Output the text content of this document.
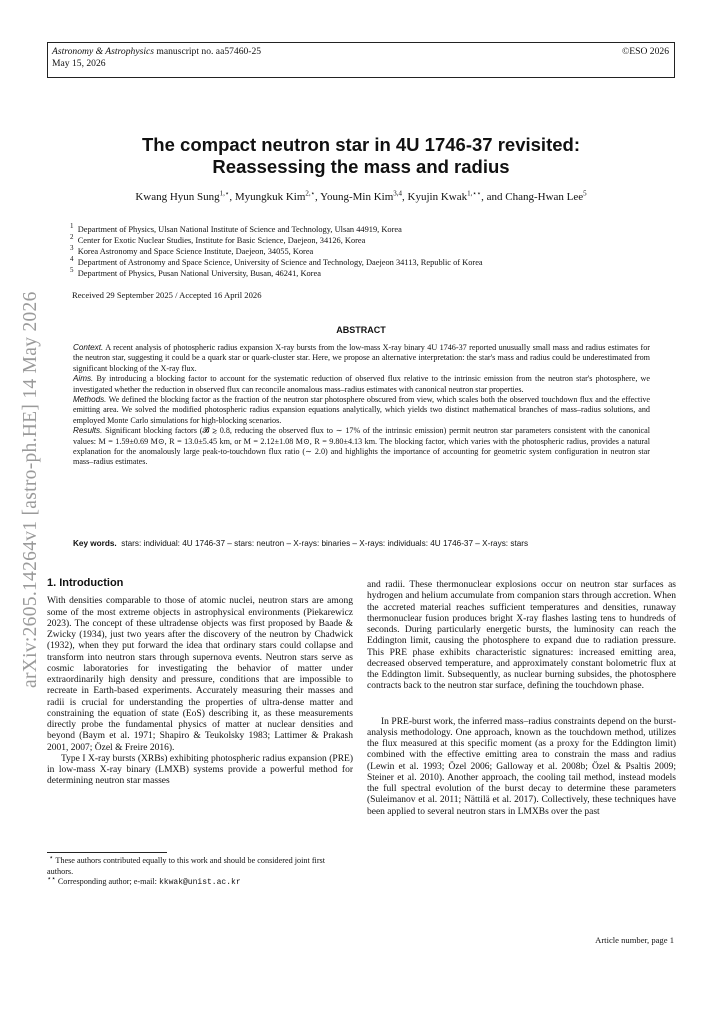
Astronomy & Astrophysics manuscript no. aa57460-25
May 15, 2026
©ESO 2026
The compact neutron star in 4U 1746-37 revisited:
Reassessing the mass and radius
Kwang Hyun Sung$^{1,⋆}$, Myungkuk Kim$^{2,⋆}$, Young-Min Kim$^{3,4}$, Kyujin Kwak$^{1,⋆⋆}$, and Chang-Hwan Lee$^5$
$^1$ Department of Physics, Ulsan National Institute of Science and Technology, Ulsan 44919, Korea
$^2$ Center for Exotic Nuclear Studies, Institute for Basic Science, Daejeon, 34126, Korea
$^3$ Korea Astronomy and Space Science Institute, Daejeon, 34055, Korea
$^4$ Department of Astronomy and Space Science, University of Science and Technology, Daejeon 34113, Republic of Korea
$^5$ Department of Physics, Pusan National University, Busan, 46241, Korea
Received 29 September 2025 / Accepted 16 April 2026
ABSTRACT

Context. A recent analysis of photospheric radius expansion X-ray bursts from the low-mass X-ray binary 4U 1746-37 reported unusually small mass and radius estimates for the neutron star, suggesting it could be a quark star or quark-cluster star. Here, we propose an alternative interpretation: the star's mass and radius could be underestimated from significant blocking of the X-ray flux.

Aims. By introducing a blocking factor to account for the systematic reduction of observed flux relative to the intrinsic emission from the neutron star's photosphere, we investigated whether the reduction in observed flux can reconcile anomalous mass–radius estimates with canonical neutron star properties.

Methods. We defined the blocking factor as the fraction of the neutron star photosphere obscured from view, which scales both the observed touchdown flux and the effective emitting area. We solved the modified photospheric radius expansion equations analytically, which yields two distinct mathematical branches of mass–radius solutions, and employed Monte Carlo simulations for high-blocking scenarios.

Results. Significant blocking factors (𝓑 ≳ 0.8, reducing the observed flux to ∼ 17% of the intrinsic emission) permit neutron star parameters consistent with the canonical values: M = 1.59±0.69 M⊙, R = 13.0±5.45 km, or M = 2.12±1.08 M⊙, R = 9.80±4.13 km. The blocking factor, which varies with the photospheric radius, provides a natural explanation for the anomalously large peak-to-touchdown flux ratio (∼ 2.0) and highlights the importance of accounting for geometric system configuration in neutron star mass–radius estimates.

Key words. stars: individual: 4U 1746-37 – stars: neutron – X-rays: binaries – X-rays: individuals: 4U 1746-37 – X-rays: stars
arXiv:2605.14264v1 [astro-ph.HE] 14 May 2026 1. Introduction

With densities comparable to those of atomic nuclei, neutron stars are among some of the most extreme objects in astrophysical environments (Piekarewicz 2023). The concept of these ultradense objects was first proposed by Baade & Zwicky (1934), just two years after the discovery of the neutron by Chadwick (1932), when they put forward the idea that ordinary stars could collapse and transform into neutron stars through supernova events. Neutron stars serve as cosmic laboratories for investigating the behavior of matter under extraordinarily high density and pressure, conditions that are impossible to recreate in Earth-based experiments. Accurately measuring their masses and radii is crucial for understanding the properties of ultra-dense matter and constraining the equation of state (EoS) describing it, as these measurements directly probe the fundamental physics of matter at nuclear densities and beyond (Baym et al. 1971; Shapiro & Teukolsky 1983; Lattimer & Prakash 2001, 2007; Özel & Freire 2016).

Type I X-ray bursts (XRBs) exhibiting photospheric radius expansion (PRE) in low-mass X-ray binary (LMXB) systems provide a powerful method for determining neutron star masses

and radii. These thermonuclear explosions occur on neutron star surfaces as hydrogen and helium accumulate from companion stars through accretion. When the accreted material reaches sufficient temperatures and densities, runaway thermonuclear fusion produces bright X-ray flashes lasting tens to hundreds of seconds. During particularly energetic bursts, the luminosity can reach the Eddington limit, causing the photosphere to expand due to radiation pressure. This PRE phase exhibits characteristic signatures: increased emitting area, decreased observed temperature, and approximately constant bolometric flux at the Eddington limit. Subsequently, as nuclear burning subsides, the photosphere contracts back to the neutron star surface, defining the touchdown phase.

In PRE-burst work, the inferred mass–radius constraints depend on the burst-analysis methodology. One approach, known as the touchdown method, utilizes the flux measured at this specific moment (as a proxy for the Eddington limit) combined with the effective emitting area to constrain the mass and radius (Lewin et al. 1993; Özel 2006; Galloway et al. 2008b; Özel & Psaltis 2009; Steiner et al. 2010). Another approach, the cooling tail method, instead models the full spectral evolution of the burst decay to determine these parameters (Suleimanov et al. 2011; Nättilä et al. 2017). Collectively, these techniques have been applied to several neutron stars in LMXBs over the past

⋆ These authors contributed equally to this work and should be considered joint first authors.
⋆⋆ Corresponding author; e-mail: kkwak@unist.ac.kr
Article number, page 1
